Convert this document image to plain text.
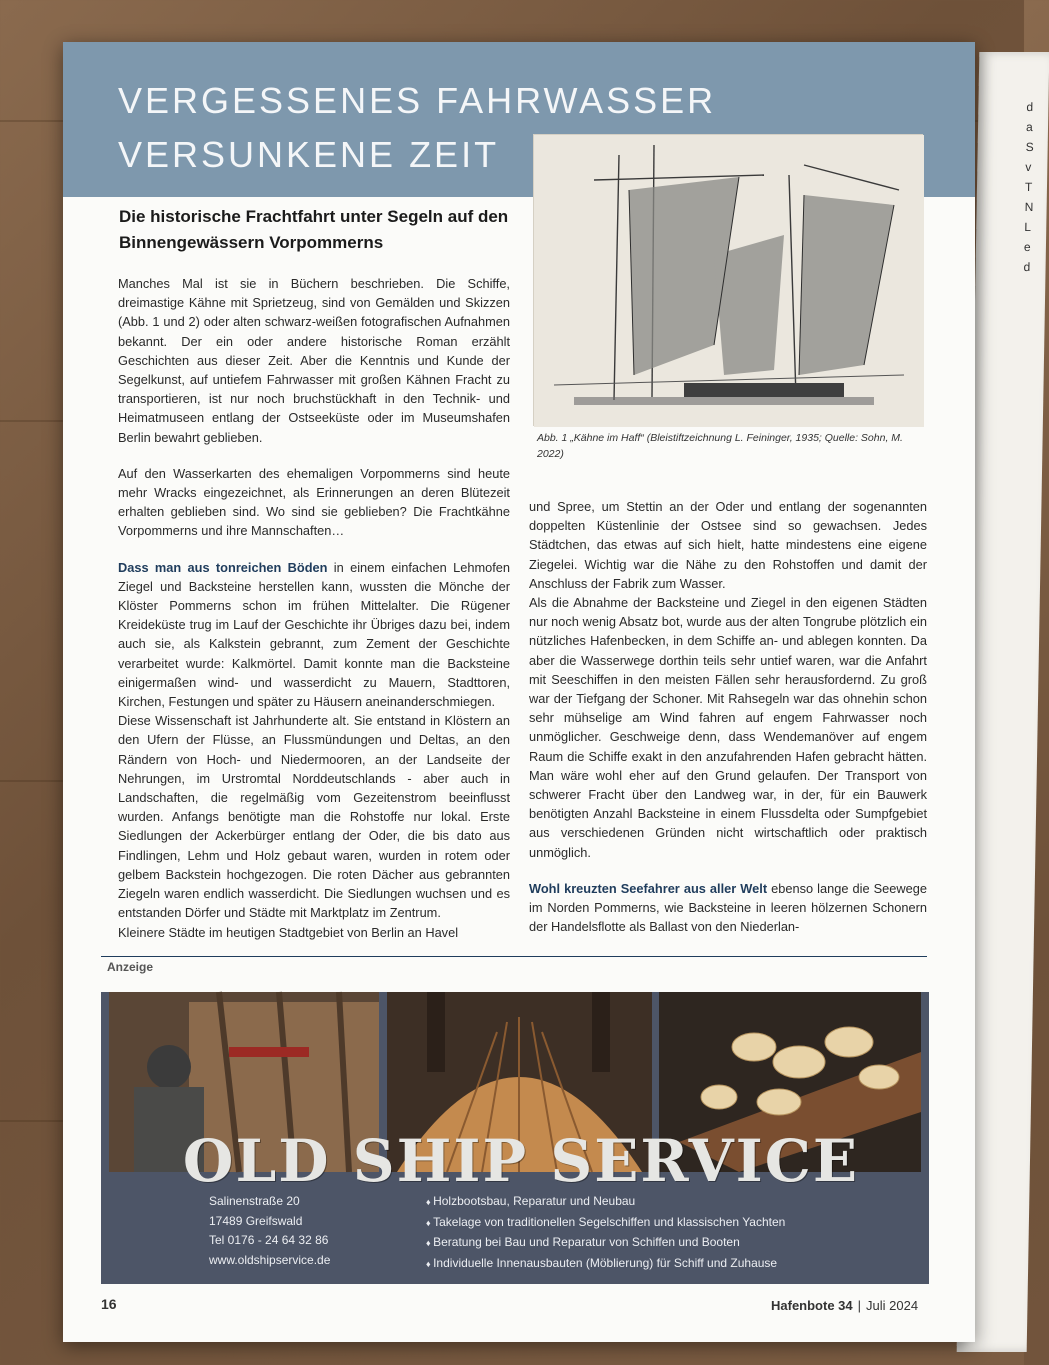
d
a
S
v
T
N
L
e
d
VERGESSENES FAHRWASSER
VERSUNKENE ZEIT
Abb. 1 „Kähne im Haff“ (Bleistiftzeichnung L. Feininger, 1935; Quelle: Sohn, M. 2022)
Die historische Frachtfahrt unter Segeln auf den Binnengewässern Vorpommerns

Manches Mal ist sie in Büchern beschrieben. Die Schiffe, dreimastige Kähne mit Sprietzeug, sind von Gemälden und Skizzen (Abb. 1 und 2) oder alten schwarz-weißen fotografischen Aufnahmen bekannt. Der ein oder andere historische Roman erzählt Geschichten aus dieser Zeit. Aber die Kenntnis und Kunde der Segelkunst, auf untiefem Fahrwasser mit großen Kähnen Fracht zu transportieren, ist nur noch bruchstückhaft in den Technik- und Heimatmuseen entlang der Ostseeküste oder im Museumshafen Berlin bewahrt geblieben.

Auf den Wasserkarten des ehemaligen Vorpommerns sind heute mehr Wracks eingezeichnet, als Erinnerungen an deren Blütezeit erhalten geblieben sind. Wo sind sie geblieben? Die Frachtkähne Vorpommerns und ihre Mannschaften…

Dass man aus tonreichen Böden in einem einfachen Lehmofen Ziegel und Backsteine herstellen kann, wussten die Mönche der Klöster Pommerns schon im frühen Mittelalter. Die Rügener Kreideküste trug im Lauf der Geschichte ihr Übriges dazu bei, indem auch sie, als Kalkstein gebrannt, zum Zement der Geschichte verarbeitet wurde: Kalkmörtel. Damit konnte man die Backsteine einigermaßen wind- und wasserdicht zu Mauern, Stadttoren, Kirchen, Festungen und später zu Häusern aneinanderschmiegen.

Diese Wissenschaft ist Jahrhunderte alt. Sie entstand in Klöstern an den Ufern der Flüsse, an Flussmündungen und Deltas, an den Rändern von Hoch- und Niedermooren, an der Landseite der Nehrungen, im Urstromtal Norddeutschlands - aber auch in Landschaften, die regelmäßig vom Gezeitenstrom beeinflusst wurden. Anfangs benötigte man die Rohstoffe nur lokal. Erste Siedlungen der Ackerbürger entlang der Oder, die bis dato aus Findlingen, Lehm und Holz gebaut waren, wurden in rotem oder gelbem Backstein hochgezogen. Die roten Dächer aus gebrannten Ziegeln waren endlich wasserdicht. Die Siedlungen wuchsen und es entstanden Dörfer und Städte mit Marktplatz im Zentrum.

Kleinere Städte im heutigen Stadtgebiet von Berlin an Havel

und Spree, um Stettin an der Oder und entlang der sogenannten doppelten Küstenlinie der Ostsee sind so gewachsen. Jedes Städtchen, das etwas auf sich hielt, hatte mindestens eine eigene Ziegelei. Wichtig war die Nähe zu den Rohstoffen und damit der Anschluss der Fabrik zum Wasser.

Als die Abnahme der Backsteine und Ziegel in den eigenen Städten nur noch wenig Absatz bot, wurde aus der alten Tongrube plötzlich ein nützliches Hafenbecken, in dem Schiffe an- und ablegen konnten. Da aber die Wasserwege dorthin teils sehr untief waren, war die Anfahrt mit Seeschiffen in den meisten Fällen sehr herausfordernd. Zu groß war der Tiefgang der Schoner. Mit Rahsegeln war das ohnehin schon sehr mühselige am Wind fahren auf engem Fahrwasser noch unmöglicher. Geschweige denn, dass Wendemanöver auf engem Raum die Schiffe exakt in den anzufahrenden Hafen gebracht hätten. Man wäre wohl eher auf den Grund gelaufen. Der Transport von schwerer Fracht über den Landweg war, in der, für ein Bauwerk benötigten Anzahl Backsteine in einem Flussdelta oder Sumpfgebiet aus verschiedenen Gründen nicht wirtschaftlich oder praktisch unmöglich.

Wohl kreuzten Seefahrer aus aller Welt ebenso lange die Seewege im Norden Pommerns, wie Backsteine in leeren hölzernen Schonern der Handelsflotte als Ballast von den Niederlan-

Anzeige
OLD SHIP SERVICE
Salinenstraße 20
17489 Greifswald
Tel 0176 - 24 64 32 86
www.oldshipservice.de
♦ Holzbootsbau, Reparatur und Neubau
♦ Takelage von traditionellen Segelschiffen und klassischen Yachten
♦ Beratung bei Bau und Reparatur von Schiffen und Booten
♦ Individuelle Innenausbauten (Möblierung) für Schiff und Zuhause
16	Hafenbote 34 | Juli 2024
